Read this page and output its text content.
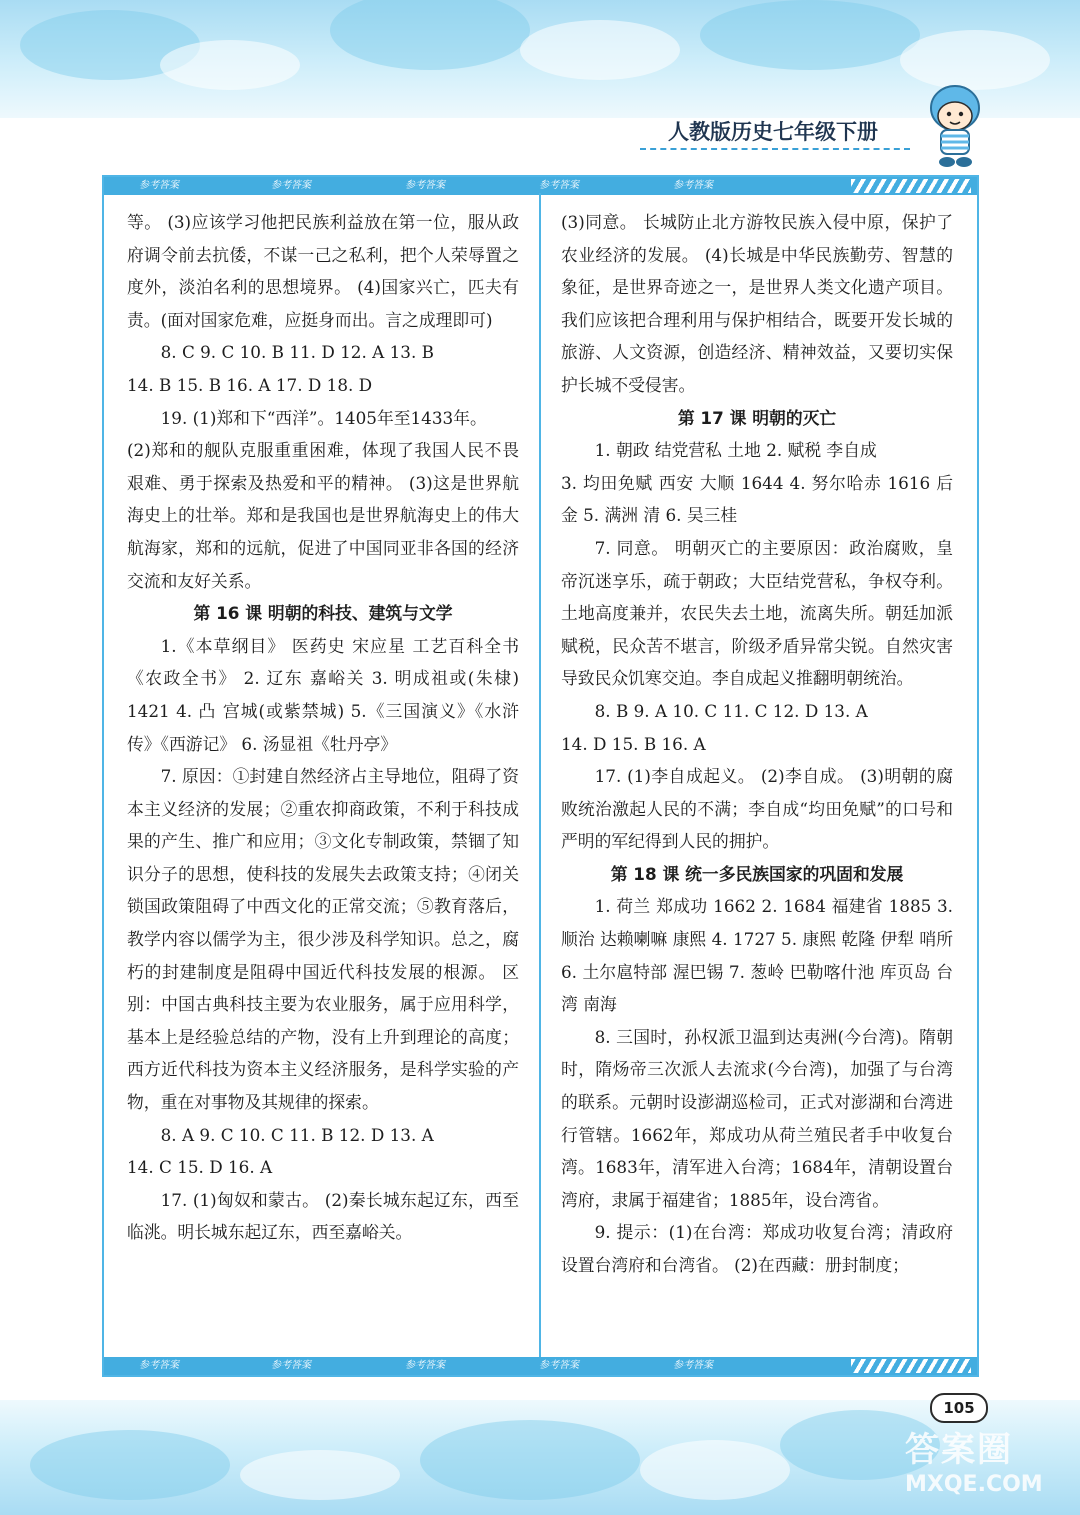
人教版历史七年级下册
参考答案	参考答案	参考答案	参考答案	参考答案
参考答案	参考答案	参考答案	参考答案	参考答案

等。 (3)应该学习他把民族利益放在第一位，服从政府调令前去抗倭，不谋一己之私利，把个人荣辱置之度外，淡泊名利的思想境界。 (4)国家兴亡，匹夫有责。(面对国家危难，应挺身而出。言之成理即可)

8. C 9. C 10. B 11. D 12. A 13. B

14. B 15. B 16. A 17. D 18. D

19. (1)郑和下“西洋”。1405年至1433年。

(2)郑和的舰队克服重重困难，体现了我国人民不畏艰难、勇于探索及热爱和平的精神。 (3)这是世界航海史上的壮举。郑和是我国也是世界航海史上的伟大航海家，郑和的远航，促进了中国同亚非各国的经济交流和友好关系。

第 16 课 明朝的科技、建筑与文学

1.《本草纲目》 医药史 宋应星 工艺百科全书 《农政全书》 2. 辽东 嘉峪关 3. 明成祖或(朱棣) 1421 4. 凸 宫城(或紫禁城) 5.《三国演义》《水浒传》《西游记》 6. 汤显祖《牡丹亭》

7. 原因：①封建自然经济占主导地位，阻碍了资本主义经济的发展；②重农抑商政策，不利于科技成果的产生、推广和应用；③文化专制政策，禁锢了知识分子的思想，使科技的发展失去政策支持；④闭关锁国政策阻碍了中西文化的正常交流；⑤教育落后，教学内容以儒学为主，很少涉及科学知识。总之，腐朽的封建制度是阻碍中国近代科技发展的根源。 区别：中国古典科技主要为农业服务，属于应用科学，基本上是经验总结的产物，没有上升到理论的高度；西方近代科技为资本主义经济服务，是科学实验的产物，重在对事物及其规律的探索。

8. A 9. C 10. C 11. B 12. D 13. A

14. C 15. D 16. A

17. (1)匈奴和蒙古。 (2)秦长城东起辽东，西至临洮。明长城东起辽东，西至嘉峪关。

(3)同意。 长城防止北方游牧民族入侵中原，保护了农业经济的发展。 (4)长城是中华民族勤劳、智慧的象征，是世界奇迹之一，是世界人类文化遗产项目。我们应该把合理利用与保护相结合，既要开发长城的旅游、人文资源，创造经济、精神效益，又要切实保护长城不受侵害。

第 17 课 明朝的灭亡

1. 朝政 结党营私 土地 2. 赋税 李自成

3. 均田免赋 西安 大顺 1644 4. 努尔哈赤 1616 后金 5. 满洲 清 6. 吴三桂

7. 同意。 明朝灭亡的主要原因：政治腐败，皇帝沉迷享乐，疏于朝政；大臣结党营私，争权夺利。土地高度兼并，农民失去土地，流离失所。朝廷加派赋税，民众苦不堪言，阶级矛盾异常尖锐。自然灾害导致民众饥寒交迫。李自成起义推翻明朝统治。

8. B 9. A 10. C 11. C 12. D 13. A

14. D 15. B 16. A

17. (1)李自成起义。 (2)李自成。 (3)明朝的腐败统治激起人民的不满；李自成“均田免赋”的口号和严明的军纪得到人民的拥护。

第 18 课 统一多民族国家的巩固和发展

1. 荷兰 郑成功 1662 2. 1684 福建省 1885 3. 顺治 达赖喇嘛 康熙 4. 1727 5. 康熙 乾隆 伊犁 哨所 6. 土尔扈特部 渥巴锡 7. 葱岭 巴勒喀什池 库页岛 台湾 南海

8. 三国时，孙权派卫温到达夷洲(今台湾)。隋朝时，隋炀帝三次派人去流求(今台湾)，加强了与台湾的联系。元朝时设澎湖巡检司，正式对澎湖和台湾进行管辖。1662年，郑成功从荷兰殖民者手中收复台湾。1683年，清军进入台湾；1684年，清朝设置台湾府，隶属于福建省；1885年，设台湾省。

9. 提示：(1)在台湾：郑成功收复台湾；清政府设置台湾府和台湾省。 (2)在西藏：册封制度；

105
答案圈
MXQE.COM
